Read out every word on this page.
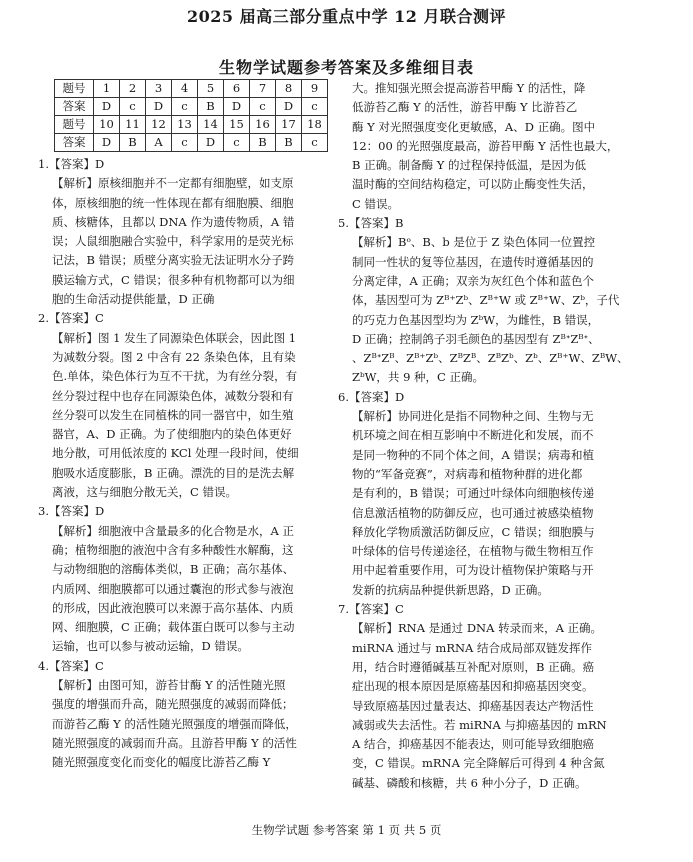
2025 届高三部分重点中学 12 月联合测评
生物学试题参考答案及多维细目表
题号	1	2	3	4	5	6	7	8	9
答案	D	c	D	c	B	D	c	D	c
题号	10	11	12	13	14	15	16	17	18
答案	D	B	A	c	D	c	B	B	c

1.【答案】D

【解析】原核细胞并不一定都有细胞壁，如支原

体，原核细胞的统一性体现在都有细胞膜、细胞

质、核糖体，且都以 DNA 作为遗传物质，A 错

误；人鼠细胞融合实验中，科学家用的是荧光标

记法，B 错误；质壁分离实验无法证明水分子跨

膜运输方式，C 错误；很多种有机物都可以为细

胞的生命活动提供能量，D 正确

2.【答案】C

【解析】图 1 发生了同源染色体联会，因此图 1

为减数分裂。图 2 中含有 22 条染色体，且有染

色.单体，染色体行为互不干扰，为有丝分裂，有

丝分裂过程中也存在同源染色体，减数分裂和有

丝分裂可以发生在同植株的同一器官中，如生殖

器官，A、D 正确。为了使细胞内的染色体更好

地分散，可用低浓度的 KCl 处理一段时间，使细

胞吸水适度膨胀，B 正确。漂洗的目的是洗去解

离液，这与细胞分散无关，C 错误。

3.【答案】D

【解析】细胞液中含量最多的化合物是水，A 正

确；植物细胞的液泡中含有多种酸性水解酶，这

与动物细胞的溶酶体类似，B 正确；高尔基体、

内质网、细胞膜都可以通过囊泡的形式参与液泡

的形成，因此液泡膜可以来源于高尔基体、内质

网、细胞膜，C 正确；载体蛋白既可以参与主动

运输，也可以参与被动运输，D 错误。

4.【答案】C

【解析】由图可知，游苔甘酶 Y 的活性随光照

强度的增强而升高，随光照强度的减弱而降低；

而游苔乙酶 Y 的活性随光照强度的增强而降低，

随光照强度的减弱而升高。且游苔甲酶 Y 的活性

随光照强度变化而变化的幅度比游苔乙酶 Y

大。推知强光照会提高游苔甲酶 Y 的活性，降

低游苔乙酶 Y 的活性，游苔甲酶 Y 比游苔乙

酶 Y 对光照强度变化更敏感，A、D 正确。图中

12：00 的光照强度最高，游苔甲酶 Y 活性也最大，

B 正确。制备酶 Y 的过程保持低温，是因为低

温时酶的空间结构稳定，可以防止酶变性失活，

C 错误。

5.【答案】B

【解析】Bᵒ、B、b 是位于 Z 染色体同一位置控

制同一性状的复等位基因，在遗传时遵循基因的

分离定律，A 正确；双亲为灰红色个体和蓝色个

体，基因型可为 Zᴮ⁺Zᵇ、Zᴮ⁺W 或 Zᴮ⁺W、Zᵇ，子代

的巧克力色基因型均为 ZᵇW，为雌性，B 错误，

D 正确；控制鸽子羽毛颜色的基因型有 ZᴮᐩZᴮᐩ、

、ZᴮᐩZᴮ、Zᴮ⁺Zᵇ、ZᴮZᴮ、ZᴮZᵇ、Zᵇ、Zᴮ⁺W、ZᴮW、

ZᵇW，共 9 种，C 正确。

6.【答案】D

【解析】协同进化是指不同物种之间、生物与无

机环境之间在相互影响中不断进化和发展，而不

是同一物种的不同个体之间，A 错误；病毒和植

物的“军备竞赛”，对病毒和植物种群的进化都

是有利的，B 错误；可通过叶绿体向细胞核传递

信息激活植物的防御反应，也可通过被感染植物

释放化学物质激活防御反应，C 错误；细胞膜与

叶绿体的信号传递途径，在植物与微生物相互作

用中起着重要作用，可为设计植物保护策略与开

发新的抗病品种提供新思路，D 正确。

7.【答案】C

【解析】RNA 是通过 DNA 转录而来，A 正确。

miRNA 通过与 mRNA 结合成局部双链发挥作

用，结合时遵循碱基互补配对原则，B 正确。癌

症出现的根本原因是原癌基因和抑癌基因突变。

导致原癌基因过量表达、抑癌基因表达产物活性

减弱或失去活性。若 miRNA 与抑癌基因的 mRN

A 结合，抑癌基因不能表达，则可能导致细胞癌

变，C 错误。mRNA 完全降解后可得到 4 种含氮

碱基、磷酸和核糖，共 6 种小分子，D 正确。

生物学试题 参考答案 第 1 页 共 5 页
